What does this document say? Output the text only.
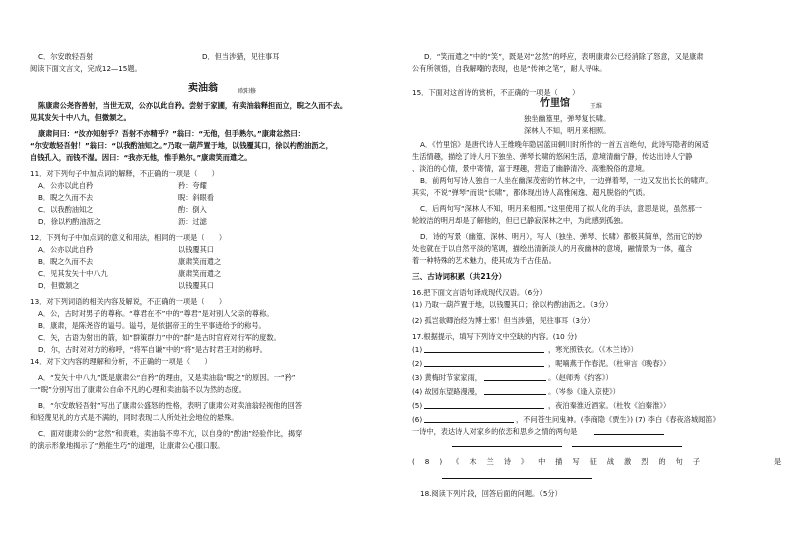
卖油翁	欧阳修
C．尔安敢轻吾射	D．但当涉猎，见往事耳
阅读下面文言文，完成12—15题。
陈康肃公尧咨善射，当世无双，公亦以此自矜。尝射于家圃，有卖油翁释担而立，睨之久而不去。
见其发矢十中八九，但微颔之。
康肃问曰：“汝亦知射乎？吾射不亦精乎？”翁曰：“无他，但手熟尔。”康肃忿然曰：
“尔安敢轻吾射！”翁曰：“以我酌油知之。”乃取一葫芦置于地，以钱覆其口，徐以杓酌油沥之，
自钱孔入，而钱不湿。因曰：“我亦无他，惟手熟尔。”康肃笑而遣之。
11．对下列句子中加点词的解释，不正确的一项是（　　）
A．公亦以此自矜	矜：夸耀
B．睨之久而不去	睨：斜眼看
C．以我酌油知之	酌：倒入
D．徐以杓酌油沥之	沥：过滤
12．下列句子中加点词的意义和用法，相同的一项是（　　）
A．公亦以此自矜	以钱覆其口
B．睨之久而不去	康肃笑而遣之
C．见其发矢十中八九	康肃笑而遣之
D．但微颔之	以钱覆其口
13．对下列词语的相关内容及解说，不正确的一项是（　　）
A．公，古时对男子的尊称。“尊君在不”中的“尊君”是对别人父亲的尊称。
B．康肃，是陈尧咨的谥号。谥号，是依据帝王的生平事迹给予的称号。
C．矢，古语为射出的箭，如“群策群力”中的“群”是古时官府对行军的度数。
D．尔，古时对对方的称呼，“将军自谦”中的“将”是古时君王对的称呼。
14．对下文内容的理解和分析，不正确的一项是（　　）
A．“发矢十中八九”既是康肃公“自矜”的理由，又是卖油翁“睨之”的原因。一“矜”
一“睨”分别写出了康肃公自命不凡的心理和卖油翁不以为然的态度。
B．“尔安敢轻吾射”写出了康肃公盛怒的性格，表明了康肃公对卖油翁轻视他的回答
和轻蔑见礼的方式是不满的，同时表现二人所处社会地位的悬殊。
C．面对康肃公的“忿然”和责难，卖油翁不卑不亢，以自身的“酌油”经验作比，揭穿
的演示形象地揭示了“熟能生巧”的道理，让康肃公心服口服。
竹里馆	王维
D．“笑而遣之”中的“笑”，既是对“忿然”的呼应，表明康肃公已经消除了怒意，又是康肃
公有所领悟，自我解嘲的表现，也是“传神之笔”，耐人寻味。
15．下面对这首诗的赏析，不正确的一项是（　　）
独坐幽篁里，弹琴复长啸。
深林人不知，明月来相照。
A．《竹里馆》是唐代诗人王维晚年隐居蓝田辋川时所作的一首五言绝句，此诗写隐者的闲适
生活情趣，描绘了诗人月下独坐、弹琴长啸的悠闲生活，意境清幽宁静，传达出诗人宁静
、淡泊的心情，景中寄情，富于理趣，营造了幽静清冷、高雅脱俗的意境。
B．前两句写诗人独自一人坐在幽深茂密的竹林之中，一边弹着琴，一边又发出长长的啸声。
其实，不说“弹琴”而说“长啸”，都体现出诗人高雅闲逸、超凡脱俗的气质。
C．后两句写“深林人不知，明月来相照。”这里使用了拟人化的手法，意思是说，虽然那一
轮皎洁的明月却是了解他的，但已已静寂深林之中，为此感到孤独。
D．诗的写景（幽篁、深林、明月），写人（独坐、弹琴、长啸）都极其简单，然而它的妙
处也就在于以自然平淡的笔调，描绘出清新淡人的月夜幽林的意境，融情景为一体，蕴含
着一种特殊的艺术魅力，使其成为千古佳品。
三、古诗词积累（共21分）
16.把下面文言语句译成现代汉语。（6分）
(1) 乃取一葫芦置于地，以钱覆其口；徐以杓酌油沥之。（3分）
(2) 孤岂欲卿治经为博士邪！但当涉猎，见往事耳（3分）
17.根据提示，填写下列诗文中空缺的内容。(10 分)
(1)	，寒光照铁衣。（《木兰诗》）
(2)	，呢喃燕于作春泥。（杜审言《晚春》）
(3) 黄梅时节家家雨，	。（赵师秀《约客》）
(4) 故园东望路漫漫，	。（岑参《逢入京使》）
(5)	，夜泊秦淮近酒家。（杜牧《泊秦淮》）
(6)	，不问苍生问鬼神。(李商隐《贾生》) (7) 李白《春夜洛城闻笛》
一诗中，表达诗人对家乡的依恋和思乡之情的两句是
(8)《木兰诗》中描写征战激烈的句子	是
18.阅读下列片段，回答后面的问题。（5分）
